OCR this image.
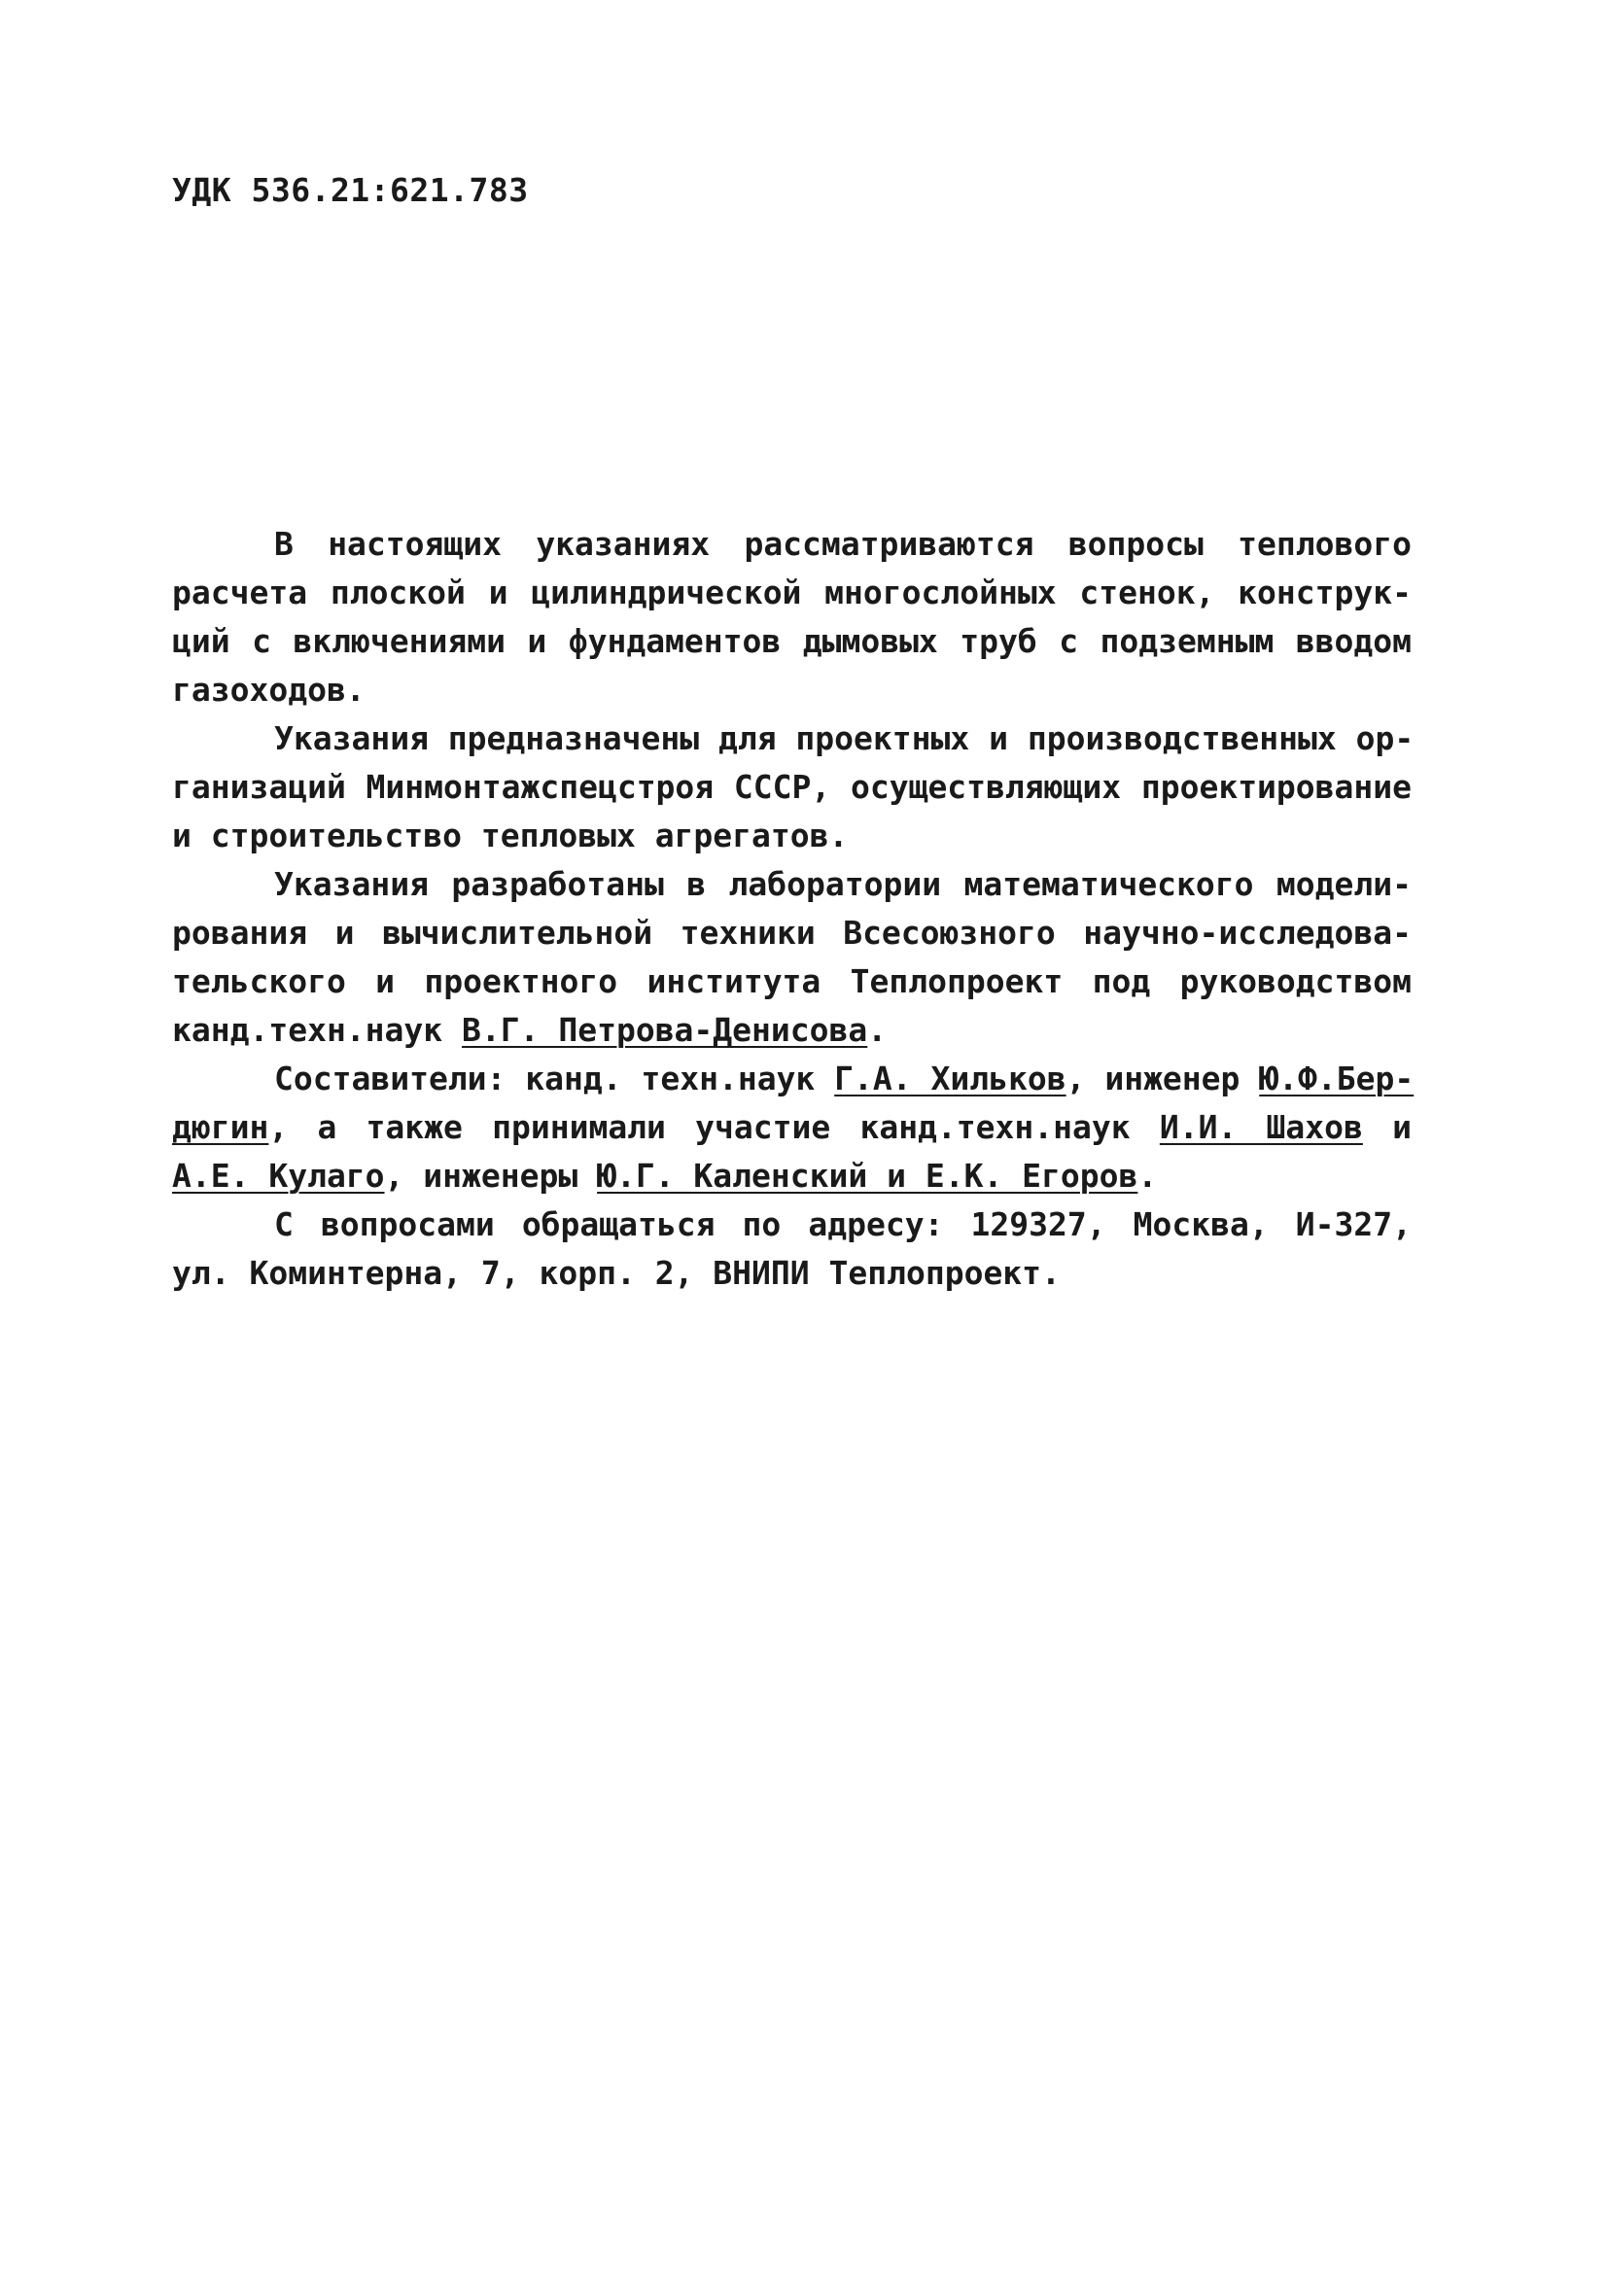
УДК 536.21:621.783

В настоящих указаниях рассматриваются вопросы теплового
расчета плоской и цилиндрической многослойных стенок, конструк-
ций с включениями и фундаментов дымовых труб с подземным вводом
газоходов.
Указания предназначены для проектных и производственных ор-
ганизаций Минмонтажспецстроя СССР, осуществляющих проектирование
и строительство тепловых агрегатов.
Указания разработаны в лаборатории математического модели-
рования и вычислительной техники Всесоюзного научно-исследова-
тельского и проектного института Теплопроект под руководством
канд.техн.наук В.Г. Петрова-Денисова.
Составители: канд. техн.наук Г.А. Хильков, инженер Ю.Ф.Бер-
дюгин, а также принимали участие канд.техн.наук И.И. Шахов и
А.Е. Кулаго, инженеры Ю.Г. Каленский и Е.К. Егоров.
С вопросами обращаться по адресу: 129327, Москва, И-327,
ул. Коминтерна, 7, корп. 2, ВНИПИ Теплопроект.
